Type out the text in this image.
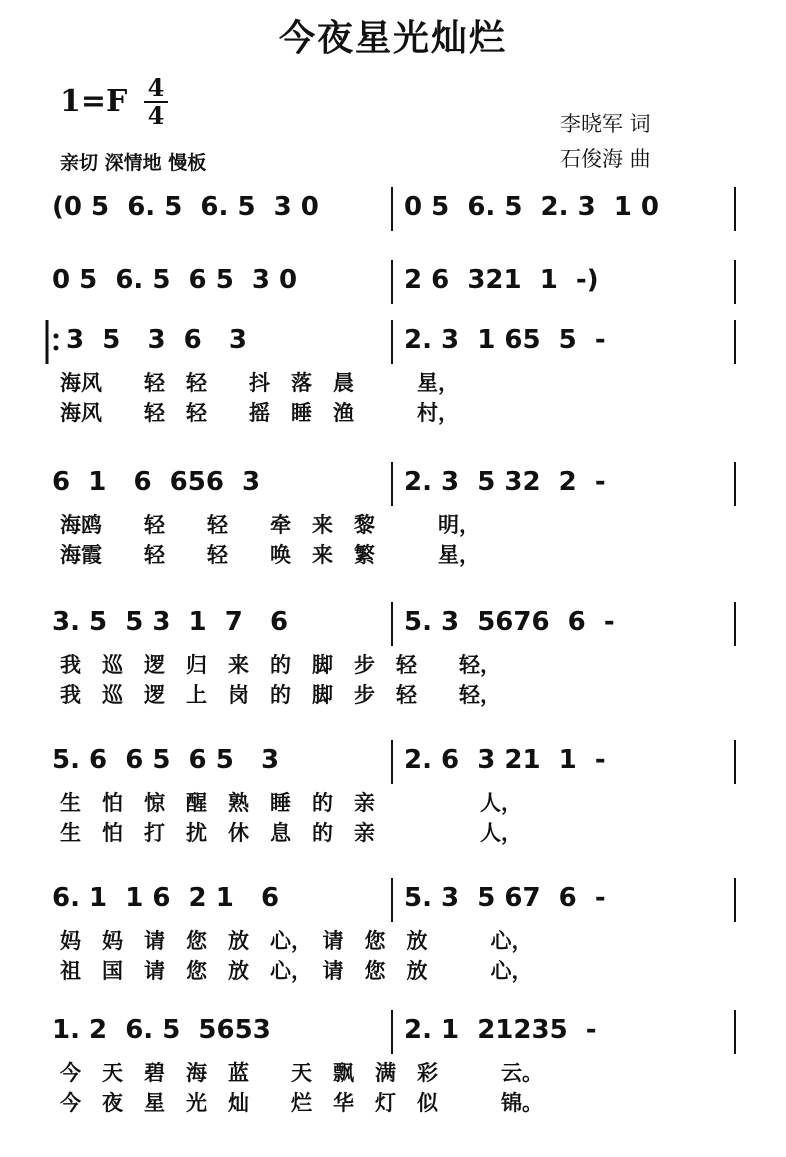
今夜星光灿烂
1=F 4
4
亲切 深情地 慢板
李晓军 词
石俊海 曲
(0 5  6. 5  6. 5  3 0	0 5  6. 5  2. 3  1 0
0 5  6. 5  6 5  3 0	2 6  321  1  -)
3  5   3  6   3	2. 3  1 65  5  -
海风　　轻　轻　　抖　落　晨　　　星，
海风　　轻　轻　　摇　睡　渔　　　村，
6  1   6  656  3	2. 3  5 32  2  -
海鸥　　轻　　轻　　牵　来　黎　　　明，
海霞　　轻　　轻　　唤　来　繁　　　星，
3. 5  5 3  1  7   6	5. 3  5676  6  -
我　巡　逻　归　来　的　脚　步　轻　　轻，
我　巡　逻　上　岗　的　脚　步　轻　　轻，
5. 6  6 5  6 5   3	2. 6  3 21  1  -
生　怕　惊　醒　熟　睡　的　亲　　　　　人，
生　怕　打　扰　休　息　的　亲　　　　　人，
6. 1  1 6  2 1   6	5. 3  5 67  6  -
妈　妈　请　您　放　心，　请　您　放　　　心，
祖　国　请　您　放　心，　请　您　放　　　心，
1. 2  6. 5  5653	2. 1  21235  -
今　天　碧　海　蓝　　天　飘　满　彩　　　云。
今　夜　星　光　灿　　烂　华　灯　似　　　锦。
